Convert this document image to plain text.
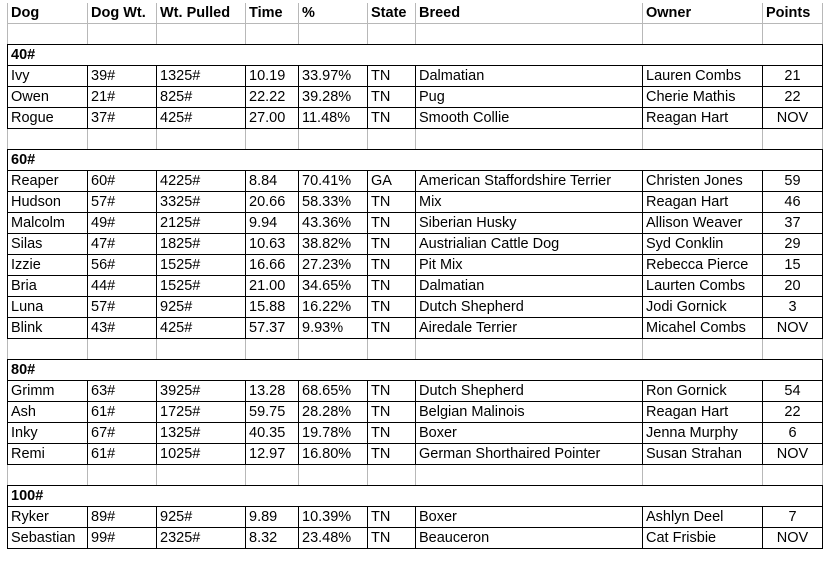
Dog	Dog Wt.	Wt. Pulled	Time	%	State	Breed	Owner	Points

40#								
Ivy	39#	1325#	10.19	33.97%	TN	Dalmatian	Lauren Combs	21
Owen	21#	825#	22.22	39.28%	TN	Pug	Cherie Mathis	22
Rogue	37#	425#	27.00	11.48%	TN	Smooth Collie	Reagan Hart	NOV

60#								
Reaper	60#	4225#	8.84	70.41%	GA	American Staffordshire Terrier	Christen Jones	59
Hudson	57#	3325#	20.66	58.33%	TN	Mix	Reagan Hart	46
Malcolm	49#	2125#	9.94	43.36%	TN	Siberian Husky	Allison Weaver	37
Silas	47#	1825#	10.63	38.82%	TN	Austrialian Cattle Dog	Syd Conklin	29
Izzie	56#	1525#	16.66	27.23%	TN	Pit Mix	Rebecca Pierce	15
Bria	44#	1525#	21.00	34.65%	TN	Dalmatian	Laurten Combs	20
Luna	57#	925#	15.88	16.22%	TN	Dutch Shepherd	Jodi Gornick	3
Blink	43#	425#	57.37	9.93%	TN	Airedale Terrier	Micahel Combs	NOV

80#								
Grimm	63#	3925#	13.28	68.65%	TN	Dutch Shepherd	Ron Gornick	54
Ash	61#	1725#	59.75	28.28%	TN	Belgian Malinois	Reagan Hart	22
Inky	67#	1325#	40.35	19.78%	TN	Boxer	Jenna Murphy	6
Remi	61#	1025#	12.97	16.80%	TN	German Shorthaired Pointer	Susan Strahan	NOV

100#								
Ryker	89#	925#	9.89	10.39%	TN	Boxer	Ashlyn Deel	7
Sebastian	99#	2325#	8.32	23.48%	TN	Beauceron	Cat Frisbie	NOV
